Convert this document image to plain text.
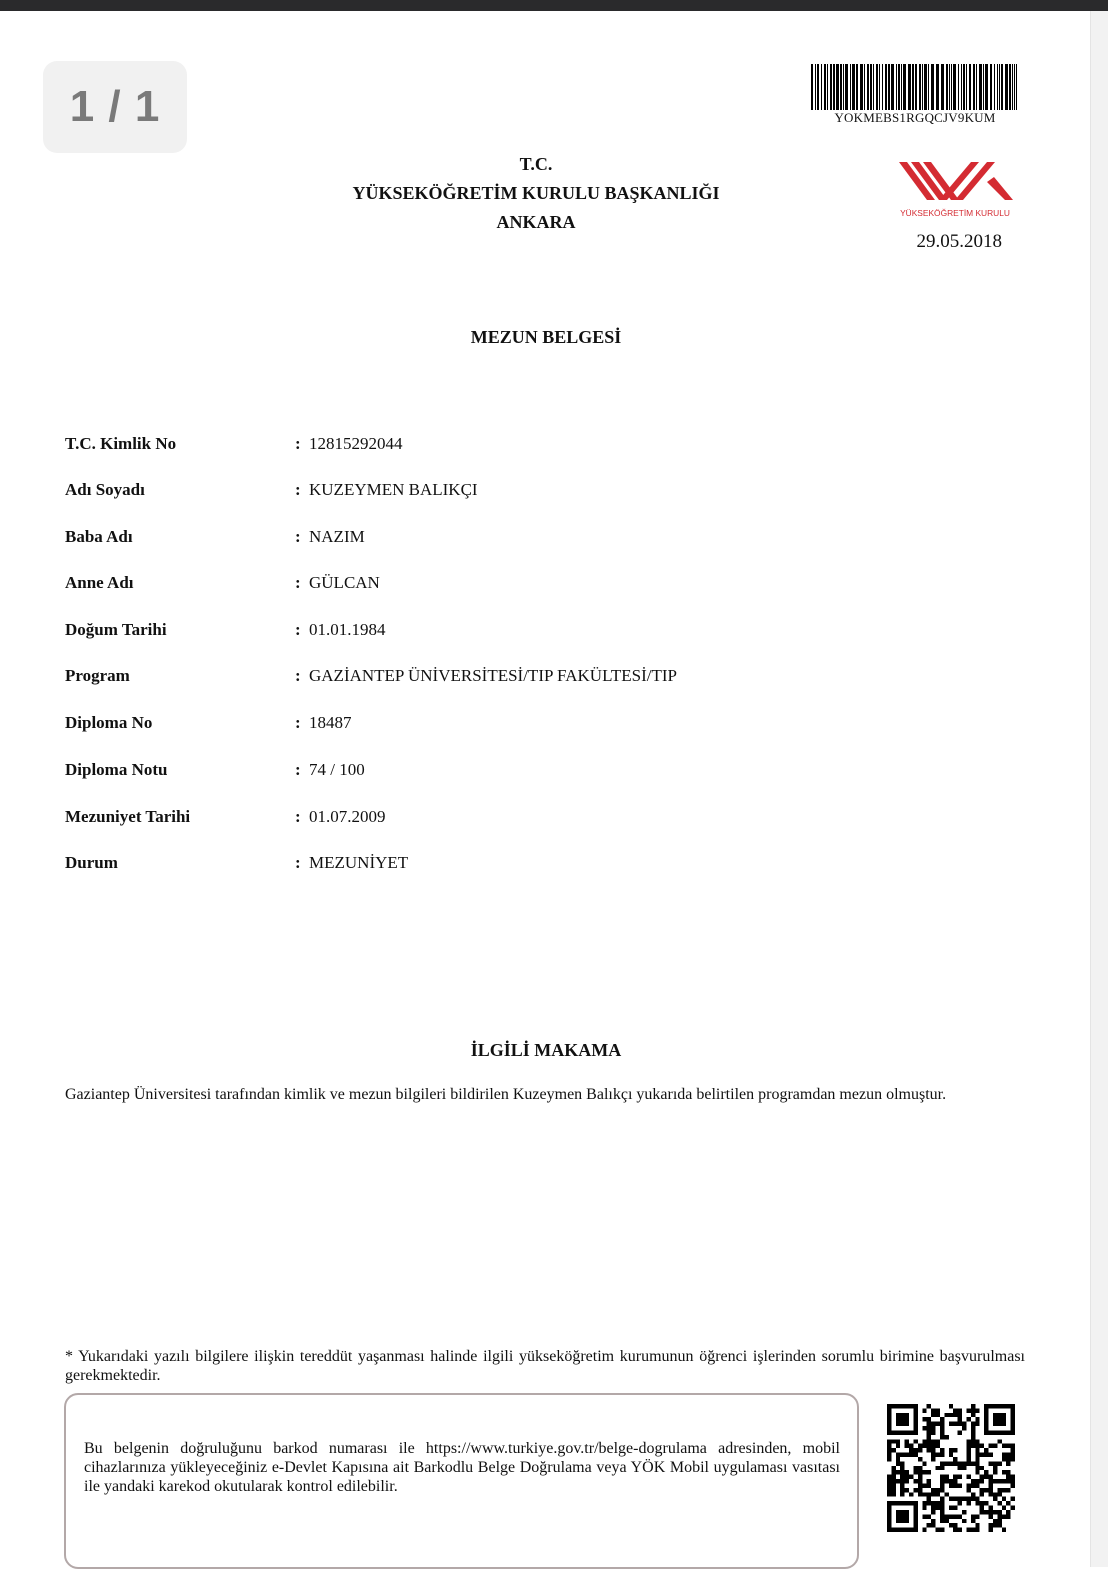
1 / 1	YOKMEBS1RGQCJV9KUM
YÜKSEKÖĞRETİM KURULU
29.05.2018
T.C.
YÜKSEKÖĞRETİM KURULU BAŞKANLIĞI
ANKARA
MEZUN BELGESİ
T.C. Kimlik No	: 12815292044
Adı Soyadı	: KUZEYMEN BALIKÇI
Baba Adı	: NAZIM
Anne Adı	: GÜLCAN
Doğum Tarihi	: 01.01.1984
Program	: GAZİANTEP ÜNİVERSİTESİ/TIP FAKÜLTESİ/TIP
Diploma No	: 18487
Diploma Notu	: 74 / 100
Mezuniyet Tarihi	: 01.07.2009
Durum	: MEZUNİYET
İLGİLİ MAKAMA
Gaziantep Üniversitesi tarafından kimlik ve mezun bilgileri bildirilen Kuzeymen Balıkçı yukarıda belirtilen programdan mezun olmuştur.
* Yukarıdaki yazılı bilgilere ilişkin tereddüt yaşanması halinde ilgili yükseköğretim kurumunun öğrenci işlerinden sorumlu birimine başvurulması gerekmektedir.
Bu belgenin doğruluğunu barkod numarası ile https://www.turkiye.gov.tr/belge-dogrulama adresinden, mobil cihazlarınıza yükleyeceğiniz e-Devlet Kapısına ait Barkodlu Belge Doğrulama veya YÖK Mobil uygulaması vasıtası ile yandaki karekod okutularak kontrol edilebilir.
